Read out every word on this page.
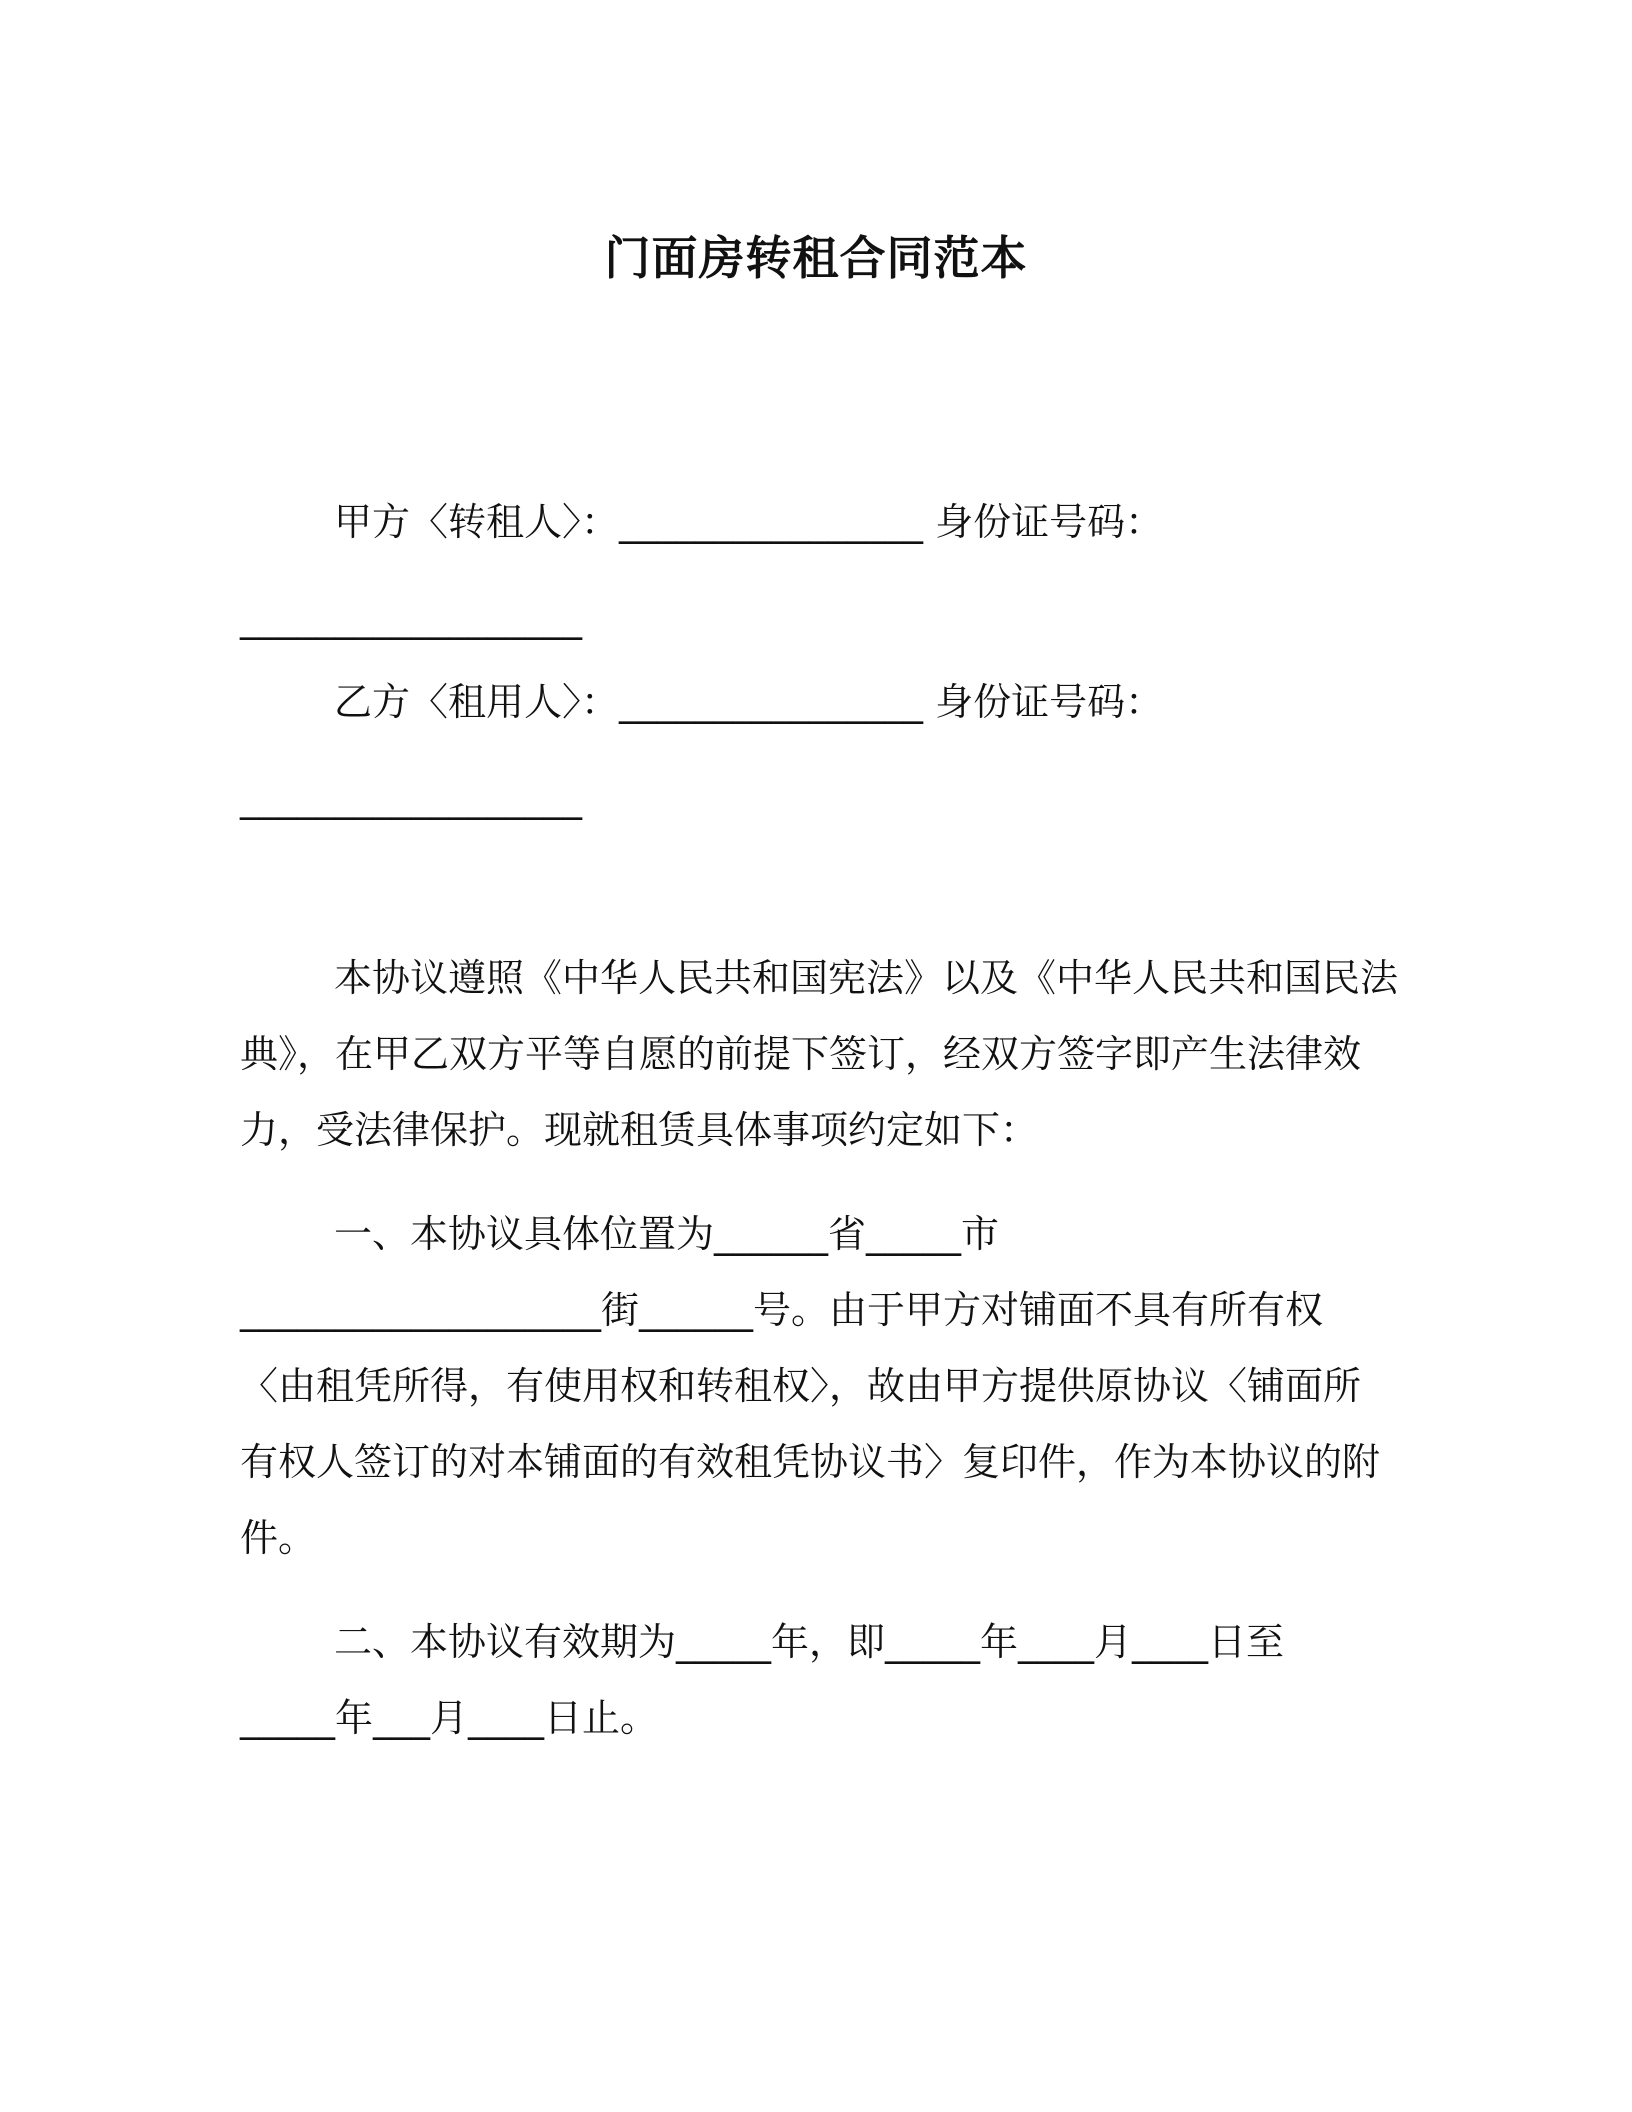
门面房转租合同范本
甲方〈转租人〉：________________ 身份证号码：
__________________
乙方〈租用人〉：________________ 身份证号码：
__________________
本协议遵照《中华人民共和国宪法》以及《中华人民共和国民法
典》，在甲乙双方平等自愿的前提下签订，经双方签字即产生法律效
力，受法律保护。现就租赁具体事项约定如下：
一、本协议具体位置为______省_____市
___________________街______号。由于甲方对铺面不具有所有权
〈由租凭所得，有使用权和转租权〉，故由甲方提供原协议〈铺面所
有权人签订的对本铺面的有效租凭协议书〉复印件，作为本协议的附
件。
二、本协议有效期为_____年，即_____年____月____日至
_____年___月____日止。
